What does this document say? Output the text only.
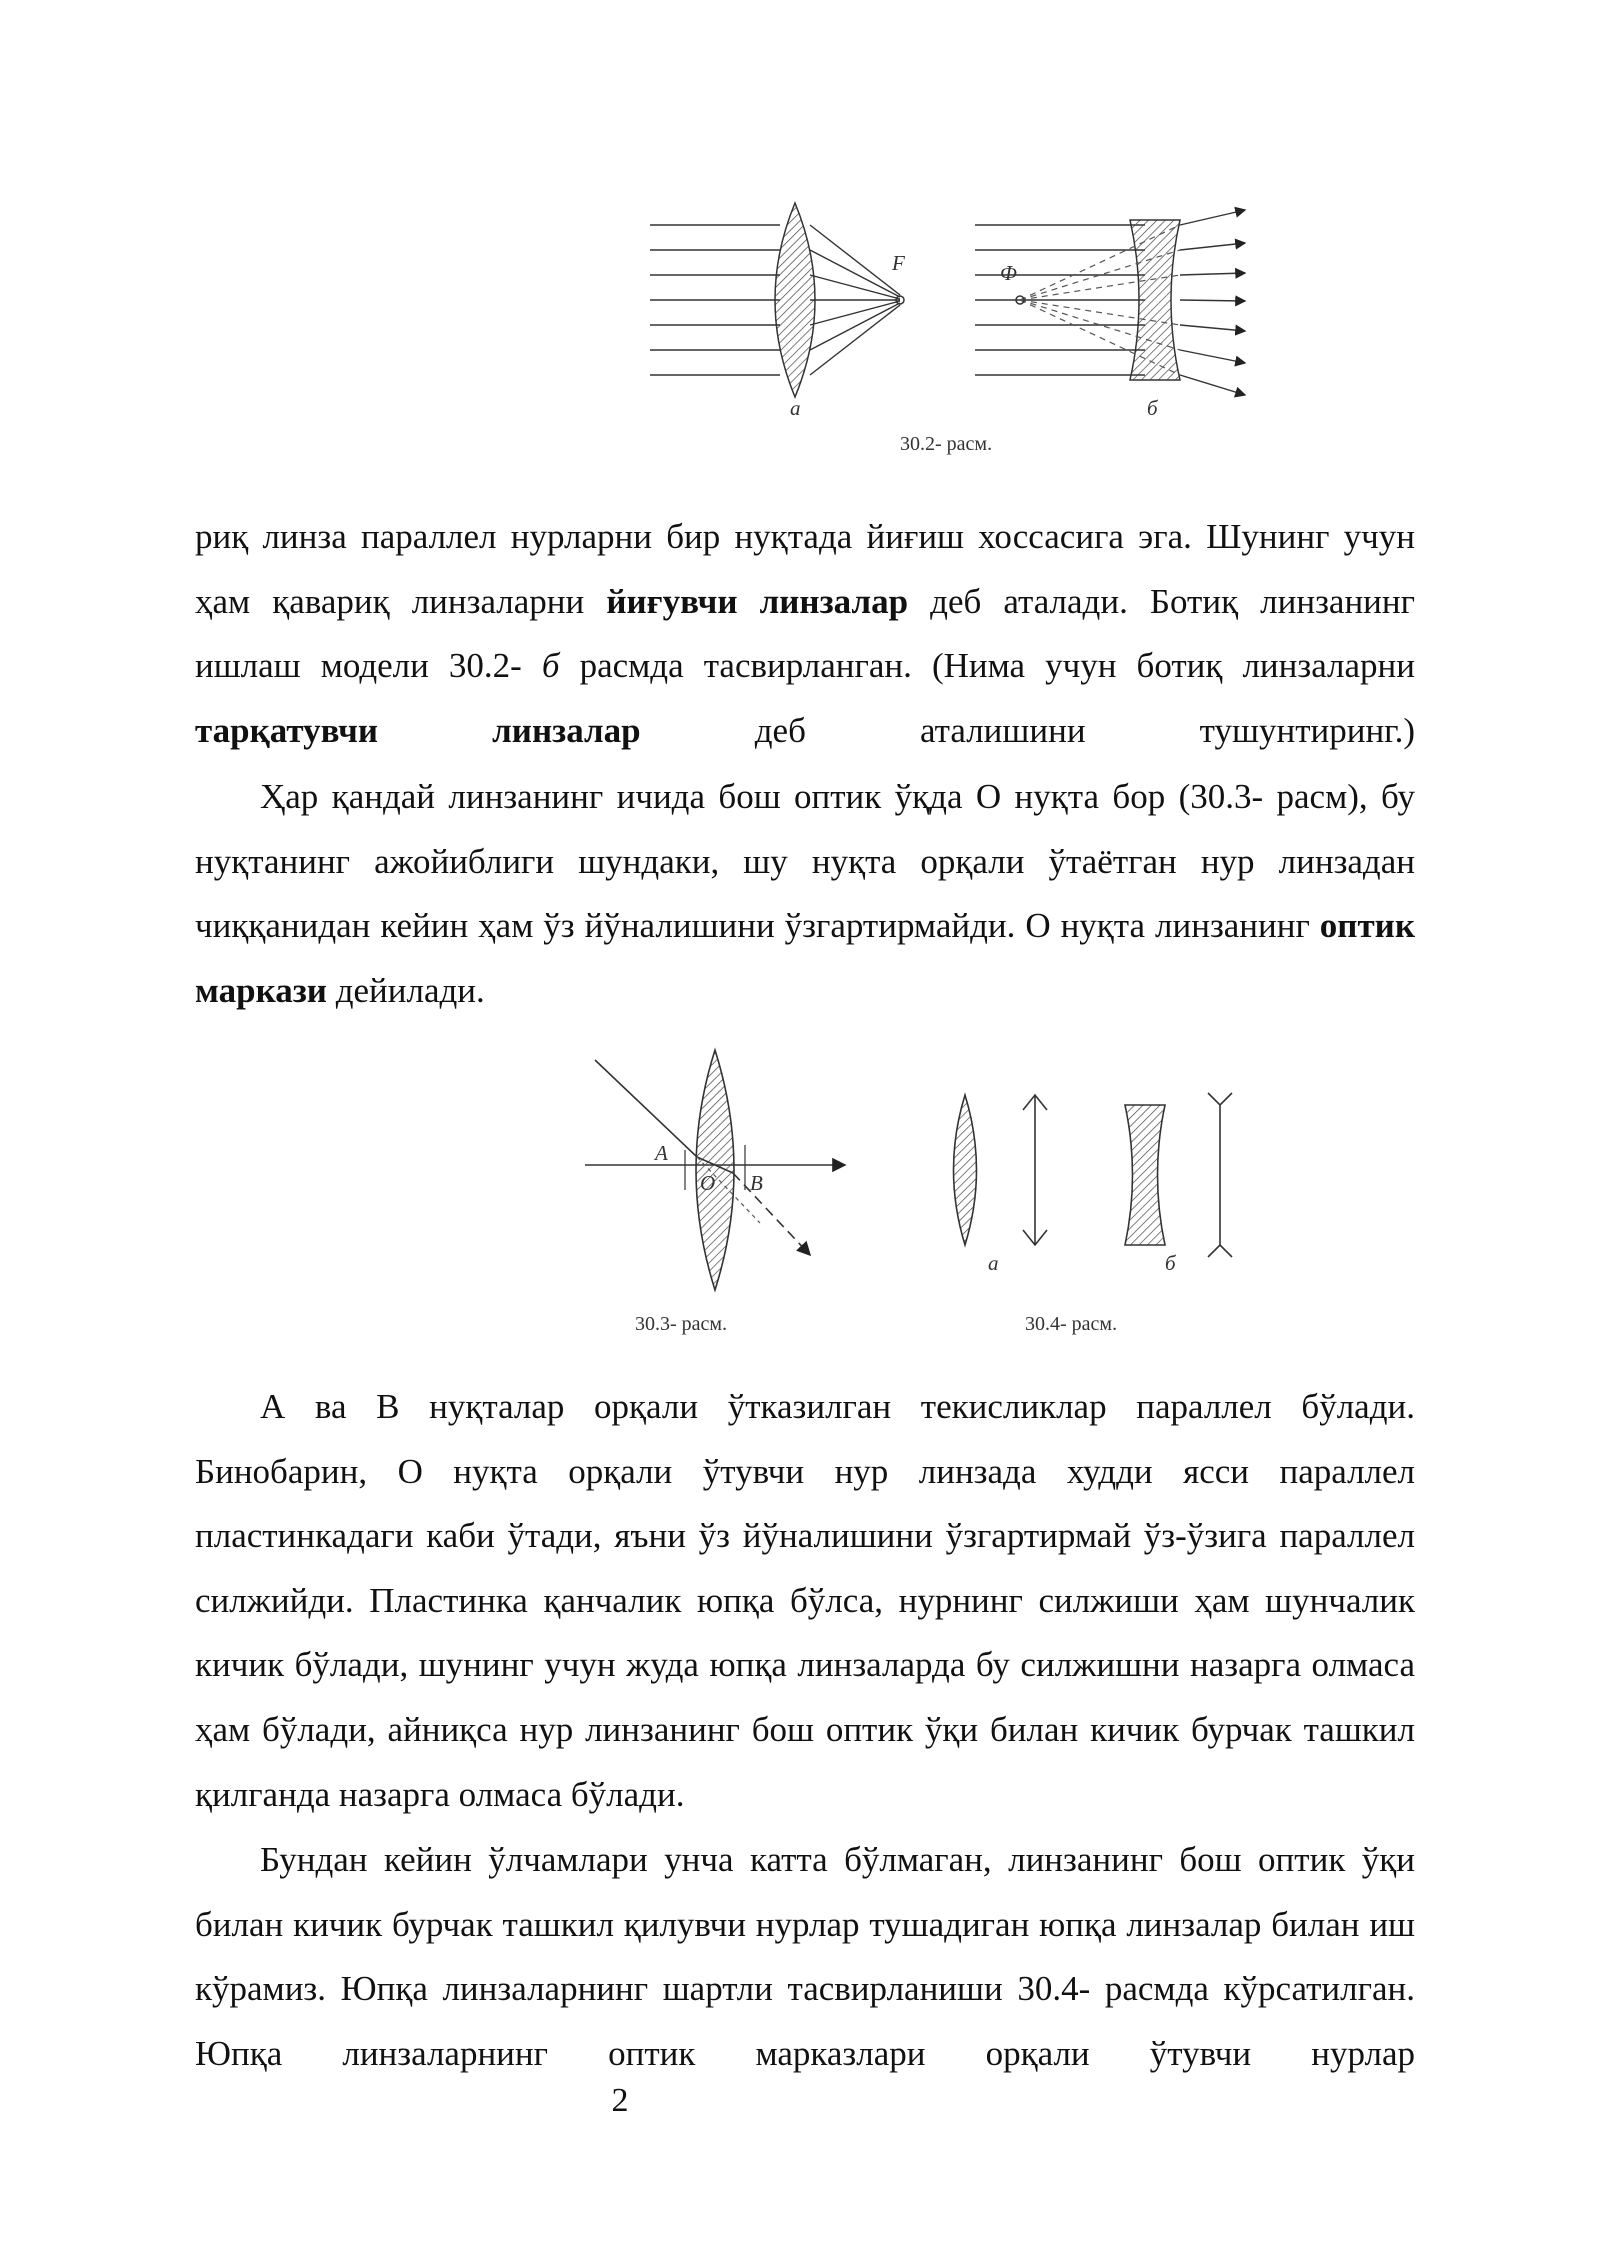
F
а
Ф
б
30.2- расм.

риқ линза параллел нурларни бир нуқтада йиғиш хоссасига эга. Шунинг учун ҳам қавариқ линзаларни йиғувчи линзалар деб аталади. Ботиқ линзанинг ишлаш модели 30.2- б расмда тасвирланган. (Нима учун ботиқ линзаларни тарқатувчи линзалар деб аталишини тушунтиринг.)

Ҳар қандай линзанинг ичида бош оптик ўқда О нуқта бор (30.3- расм), бу нуқтанинг ажойиблиги шундаки, шу нуқта орқали ўтаётган нур линзадан чиққанидан кейин ҳам ўз йўналишини ўзгартирмайди. О нуқта линзанинг оптик маркази дейилади.

A
O B
30.3- расм.
а	б
30.4- расм.

А ва В нуқталар орқали ўтказилган текисликлар параллел бўлади. Бинобарин, О нуқта орқали ўтувчи нур линзада худди ясси параллел пластинкадаги каби ўтади, яъни ўз йўналишини ўзгартирмай ўз-ўзига параллел силжийди. Пластинка қанчалик юпқа бўлса, нурнинг силжиши ҳам шунчалик кичик бўлади, шунинг учун жуда юпқа линзаларда бу силжишни назарга олмаса ҳам бўлади, айниқса нур линзанинг бош оптик ўқи билан кичик бурчак ташкил қилганда назарга олмаса бўлади.

Бундан кейин ўлчамлари унча катта бўлмаган, линзанинг бош оптик ўқи билан кичик бурчак ташкил қилувчи нурлар тушадиган юпқа линзалар билан иш кўрамиз. Юпқа линзаларнинг шартли тасвирланиши 30.4- расмда кўрсатилган. Юпқа линзаларнинг оптик марказлари орқали ўтувчи нурлар

2
